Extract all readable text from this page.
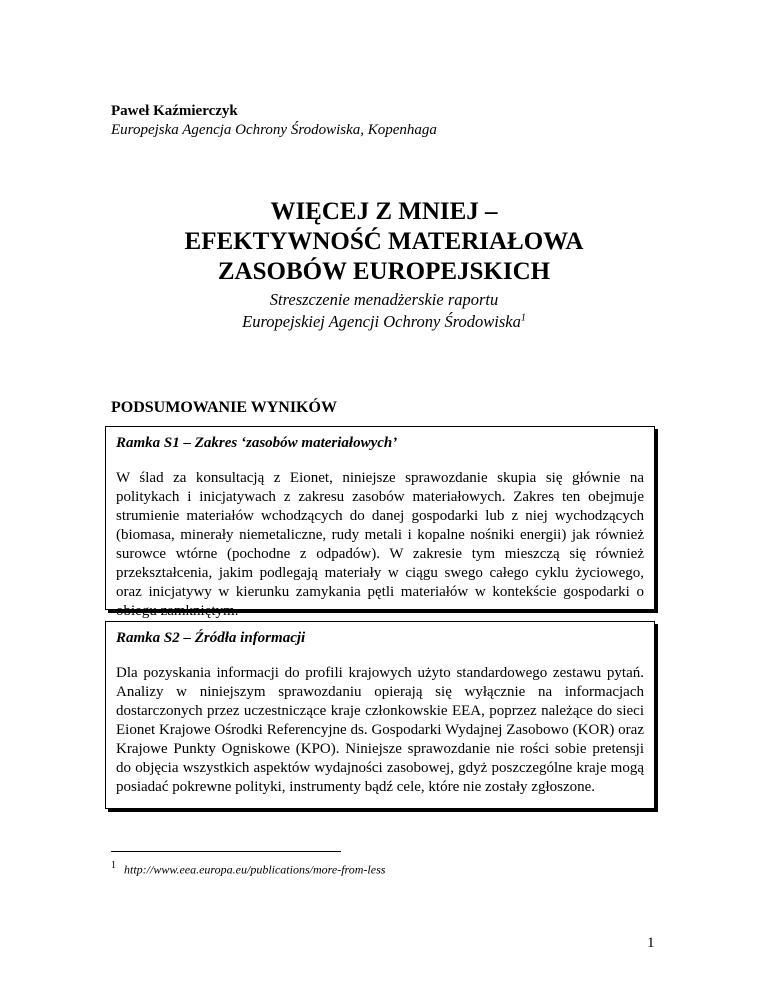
Paweł Kaźmierczyk
Europejska Agencja Ochrony Środowiska, Kopenhaga
WIĘCEJ Z MNIEJ –
EFEKTYWNOŚĆ MATERIAŁOWA
ZASOBÓW EUROPEJSKICH
Streszczenie menadżerskie raportu
Europejskiej Agencji Ochrony Środowiska$^1$
PODSUMOWANIE WYNIKÓW
Ramka S1 – Zakres ‘zasobów materiałowych’
W ślad za konsultacją z Eionet, niniejsze sprawozdanie skupia się głównie na politykach i inicjatywach z zakresu zasobów materiałowych. Zakres ten obejmuje strumienie materiałów wchodzących do danej gospodarki lub z niej wychodzących (biomasa, minerały niemetaliczne, rudy metali i kopalne nośniki energii) jak również surowce wtórne (pochodne z odpadów). W zakresie tym mieszczą się również przekształcenia, jakim podlegają materiały w ciągu swego całego cyklu życiowego, oraz inicjatywy w kierunku zamykania pętli materiałów w kontekście gospodarki o obiegu zamkniętym.
Ramka S2 – Źródła informacji
Dla pozyskania informacji do profili krajowych użyto standardowego zestawu pytań. Analizy w niniejszym sprawozdaniu opierają się wyłącznie na informacjach dostarczonych przez uczestniczące kraje członkowskie EEA, poprzez należące do sieci Eionet Krajowe Ośrodki Referencyjne ds. Gospodarki Wydajnej Zasobowo (KOR) oraz Krajowe Punkty Ogniskowe (KPO). Niniejsze sprawozdanie nie rości sobie pretensji do objęcia wszystkich aspektów wydajności zasobowej, gdyż poszczególne kraje mogą posiadać pokrewne polityki, instrumenty bądź cele, które nie zostały zgłoszone.
$^1$ http://www.eea.europa.eu/publications/more-from-less
1
